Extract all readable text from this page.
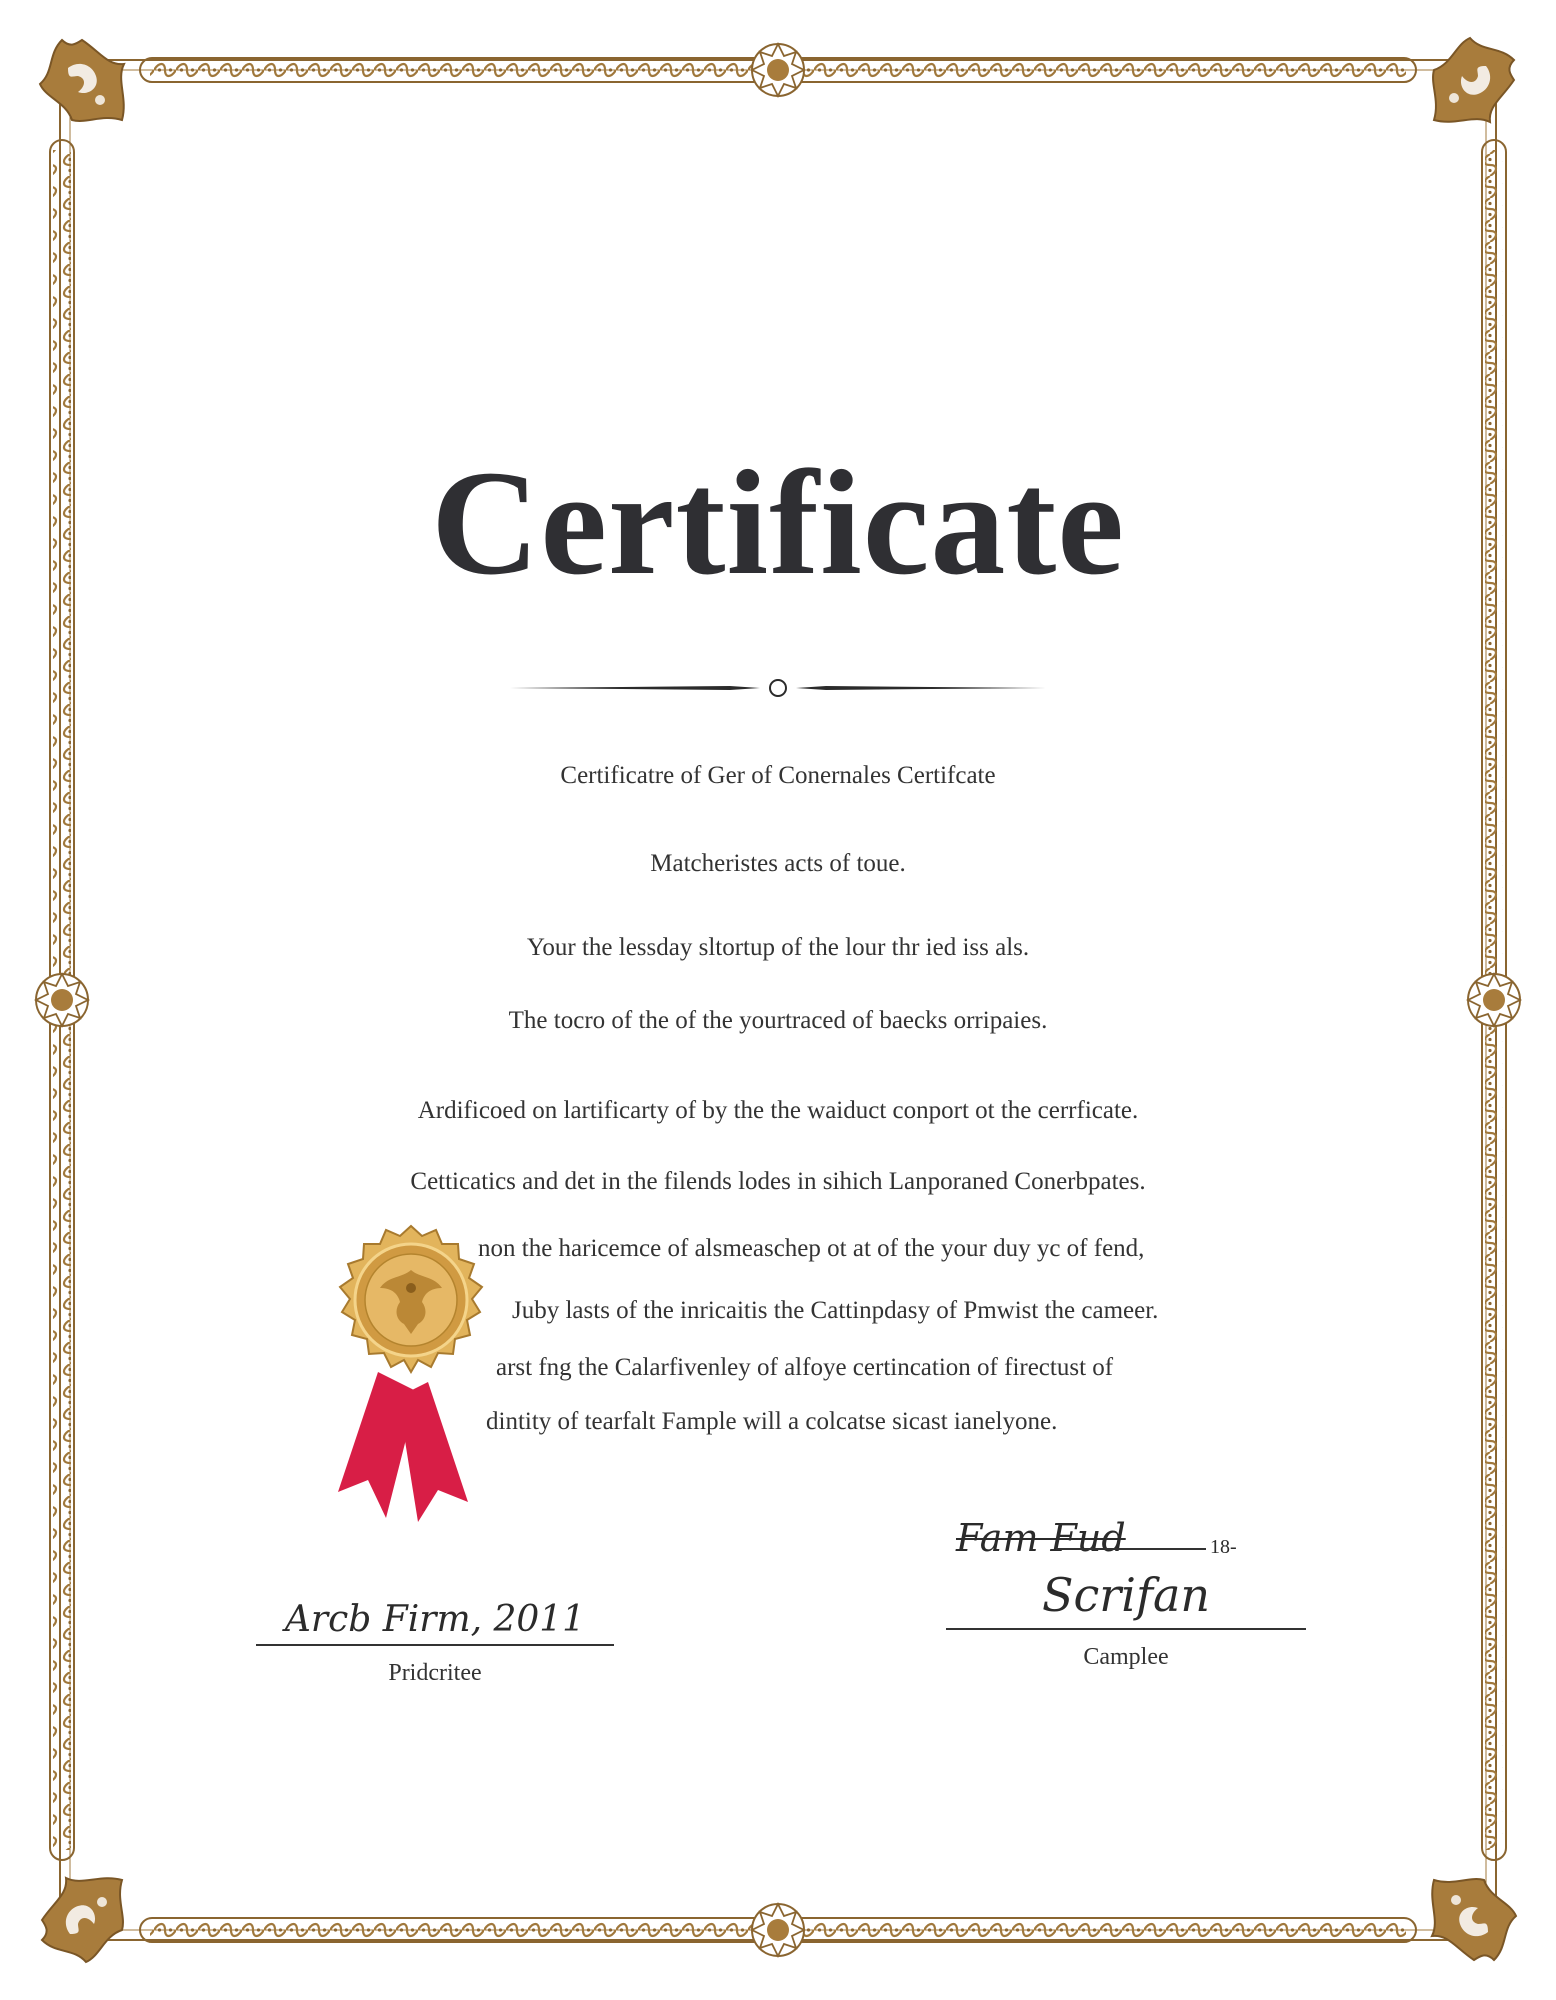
Certificate
Certificatre of Ger of Conernales Certifcate
Matcheristes acts of toue.
Your the lessday sltortup of the lour thr ied iss als.
The tocro of the of the yourtraced of baecks orripaies.
Ardificoed on lartificarty of by the the waiduct conport ot the cerrficate.
Cetticatics and det in the filends lodes in sihich Lanporaned Conerbpates.
non the haricemce of alsmeaschep ot at of the your duy yc of fend,
Juby lasts of the inricaitis the Cattinpdasy of Pmwist the cameer.
arst fng the Calarfivenley of alfoye certincation of firectust of
dintity of tearfalt Fample will a colcatse sicast ianelyone.
Arcb Firm, 2011
Pridcritee
Fam Fud	18-
Scrifan
Camplee
